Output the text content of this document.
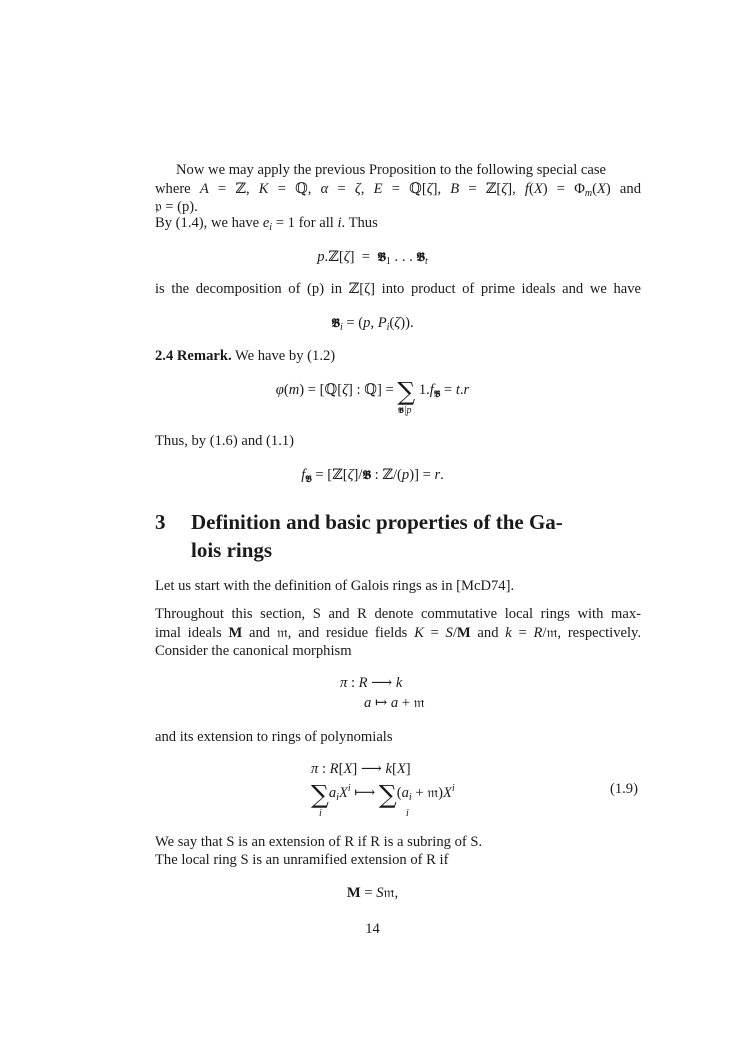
Now we may apply the previous Proposition to the following special case
where A = ℤ, K = ℚ, α = ζ, E = ℚ[ζ], B = ℤ[ζ], $f(X) = \Phi_m(X)$ and
𝔭 = (p).
By (1.4), we have $e_i = 1$ for all i. Thus
p.ℤ[ζ]  =  𝕭$_1$ . . . 𝕭$_t$
is the decomposition of (p) in ℤ[ζ] into product of prime ideals and we have
𝕭$_i$ = (p, $P_i(\zeta)$).
2.4 Remark. We have by (1.2)
φ(m) = [ℚ[ζ] : ℚ] = ∑ $1.f_𝕭 = t.r$
𝕭|p
Thus, by (1.6) and (1.1)
$f_𝕭$ = [ℤ[ζ]/𝕭 : ℤ/(p)] = r.
3 Definition and basic properties of the Ga-
lois rings
Let us start with the definition of Galois rings as in [McD74].
Throughout this section, S and R denote commutative local rings with max-
imal ideals M and 𝔪, and residue fields K = S/M and k = R/𝔪, respectively.
Consider the canonical morphism
π : R ⟶ k
a ↦ a + 𝔪
and its extension to rings of polynomials
π : R[X] ⟶ k[X]
$\sum a_iX^i$ ⟼ $\sum(a_i$ + $𝔪)X^i$
i	i
(1.9)
We say that S is an extension of R if R is a subring of S.
The local ring S is an unramified extension of R if
M = S𝔪,
14
